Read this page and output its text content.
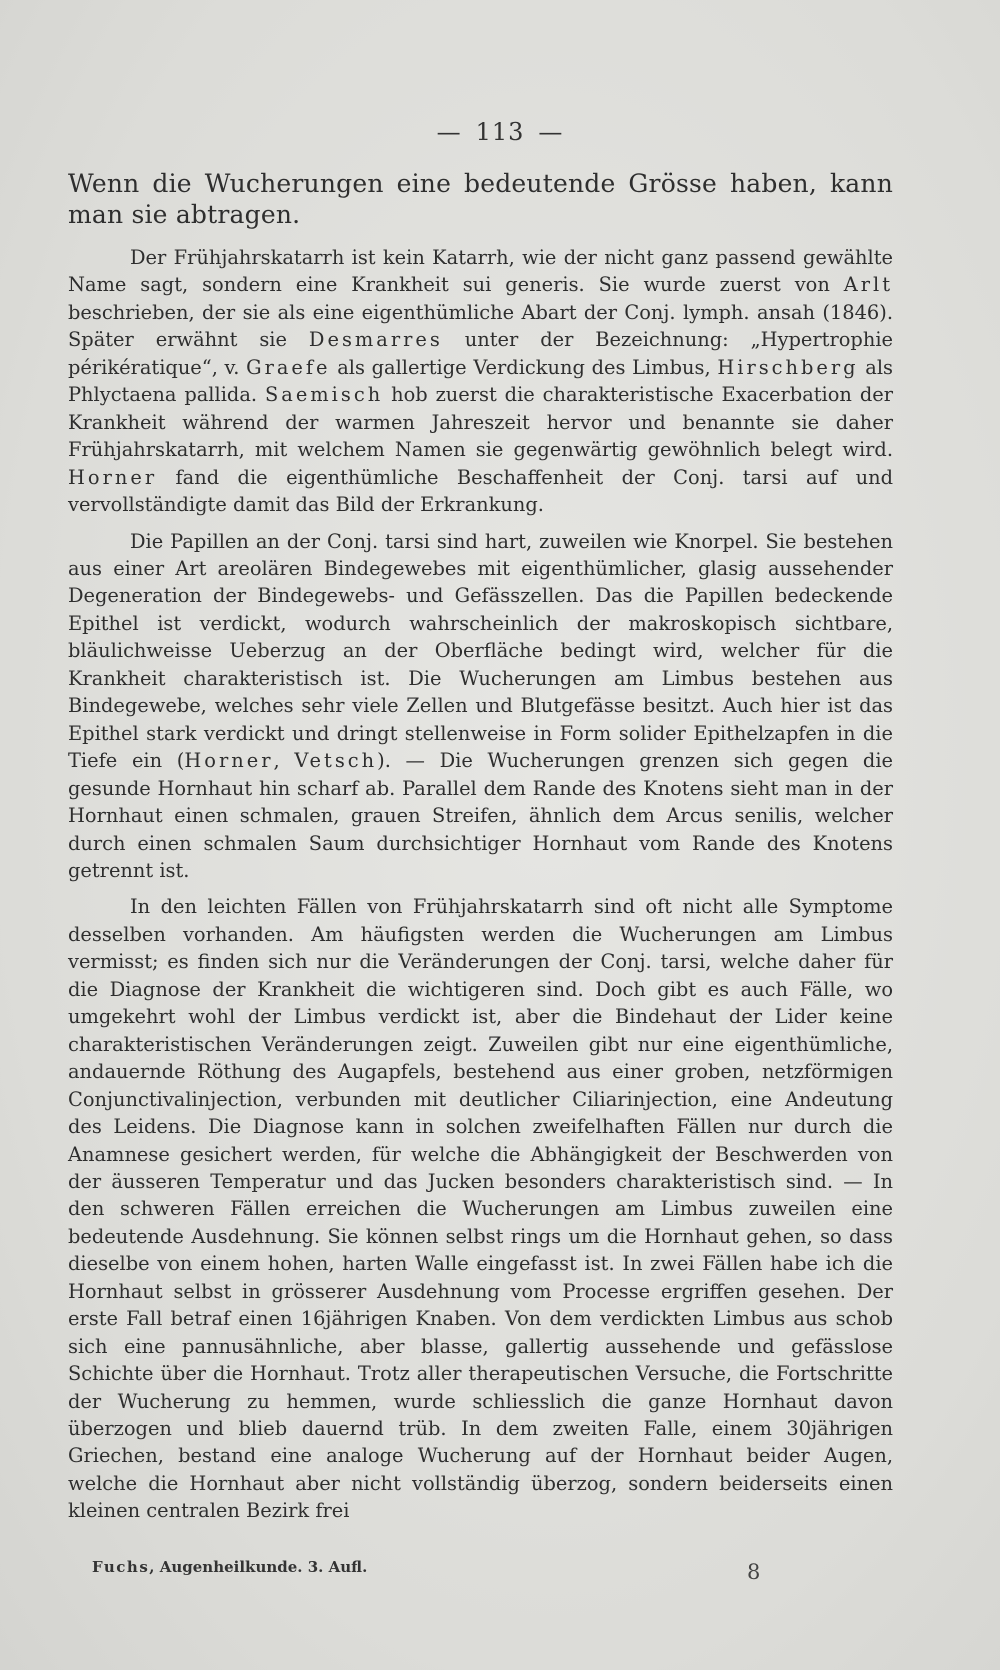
— 113 —

Wenn die Wucherungen eine bedeutende Grösse haben, kann man sie abtragen.

Der Frühjahrskatarrh ist kein Katarrh, wie der nicht ganz passend gewählte Name sagt, sondern eine Krankheit sui generis. Sie wurde zuerst von Arlt beschrieben, der sie als eine eigenthümliche Abart der Conj. lymph. ansah (1846). Später erwähnt sie Desmarres unter der Bezeichnung: „Hypertrophie périkératique“, v. Graefe als gallertige Verdickung des Limbus, Hirschberg als Phlyctaena pallida. Saemisch hob zuerst die charakteristische Exacerbation der Krankheit während der warmen Jahreszeit hervor und benannte sie daher Frühjahrskatarrh, mit welchem Namen sie gegenwärtig gewöhnlich belegt wird. Horner fand die eigenthümliche Beschaffenheit der Conj. tarsi auf und vervollständigte damit das Bild der Erkrankung.

Die Papillen an der Conj. tarsi sind hart, zuweilen wie Knorpel. Sie bestehen aus einer Art areolären Bindegewebes mit eigenthümlicher, glasig aussehender Degeneration der Bindegewebs- und Gefässzellen. Das die Papillen bedeckende Epithel ist verdickt, wodurch wahrscheinlich der makroskopisch sichtbare, bläulichweisse Ueberzug an der Oberfläche bedingt wird, welcher für die Krankheit charakteristisch ist. Die Wucherungen am Limbus bestehen aus Bindegewebe, welches sehr viele Zellen und Blutgefässe besitzt. Auch hier ist das Epithel stark verdickt und dringt stellenweise in Form solider Epithelzapfen in die Tiefe ein (Horner, Vetsch). — Die Wucherungen grenzen sich gegen die gesunde Hornhaut hin scharf ab. Parallel dem Rande des Knotens sieht man in der Hornhaut einen schmalen, grauen Streifen, ähnlich dem Arcus senilis, welcher durch einen schmalen Saum durchsichtiger Hornhaut vom Rande des Knotens getrennt ist.

In den leichten Fällen von Frühjahrskatarrh sind oft nicht alle Symptome desselben vorhanden. Am häufigsten werden die Wucherungen am Limbus vermisst; es finden sich nur die Veränderungen der Conj. tarsi, welche daher für die Diagnose der Krankheit die wichtigeren sind. Doch gibt es auch Fälle, wo umgekehrt wohl der Limbus verdickt ist, aber die Bindehaut der Lider keine charakteristischen Veränderungen zeigt. Zuweilen gibt nur eine eigenthümliche, andauernde Röthung des Augapfels, bestehend aus einer groben, netzförmigen Conjunctivalinjection, verbunden mit deutlicher Ciliarinjection, eine Andeutung des Leidens. Die Diagnose kann in solchen zweifelhaften Fällen nur durch die Anamnese gesichert werden, für welche die Abhängigkeit der Beschwerden von der äusseren Temperatur und das Jucken besonders charakteristisch sind. — In den schweren Fällen erreichen die Wucherungen am Limbus zuweilen eine bedeutende Ausdehnung. Sie können selbst rings um die Hornhaut gehen, so dass dieselbe von einem hohen, harten Walle eingefasst ist. In zwei Fällen habe ich die Hornhaut selbst in grösserer Ausdehnung vom Processe ergriffen gesehen. Der erste Fall betraf einen 16jährigen Knaben. Von dem verdickten Limbus aus schob sich eine pannusähnliche, aber blasse, gallertig aussehende und gefässlose Schichte über die Hornhaut. Trotz aller therapeutischen Versuche, die Fortschritte der Wucherung zu hemmen, wurde schliesslich die ganze Hornhaut davon überzogen und blieb dauernd trüb. In dem zweiten Falle, einem 30jährigen Griechen, bestand eine analoge Wucherung auf der Hornhaut beider Augen, welche die Hornhaut aber nicht vollständig überzog, sondern beiderseits einen kleinen centralen Bezirk frei

Fuchs, Augenheilkunde. 3. Aufl.	8
